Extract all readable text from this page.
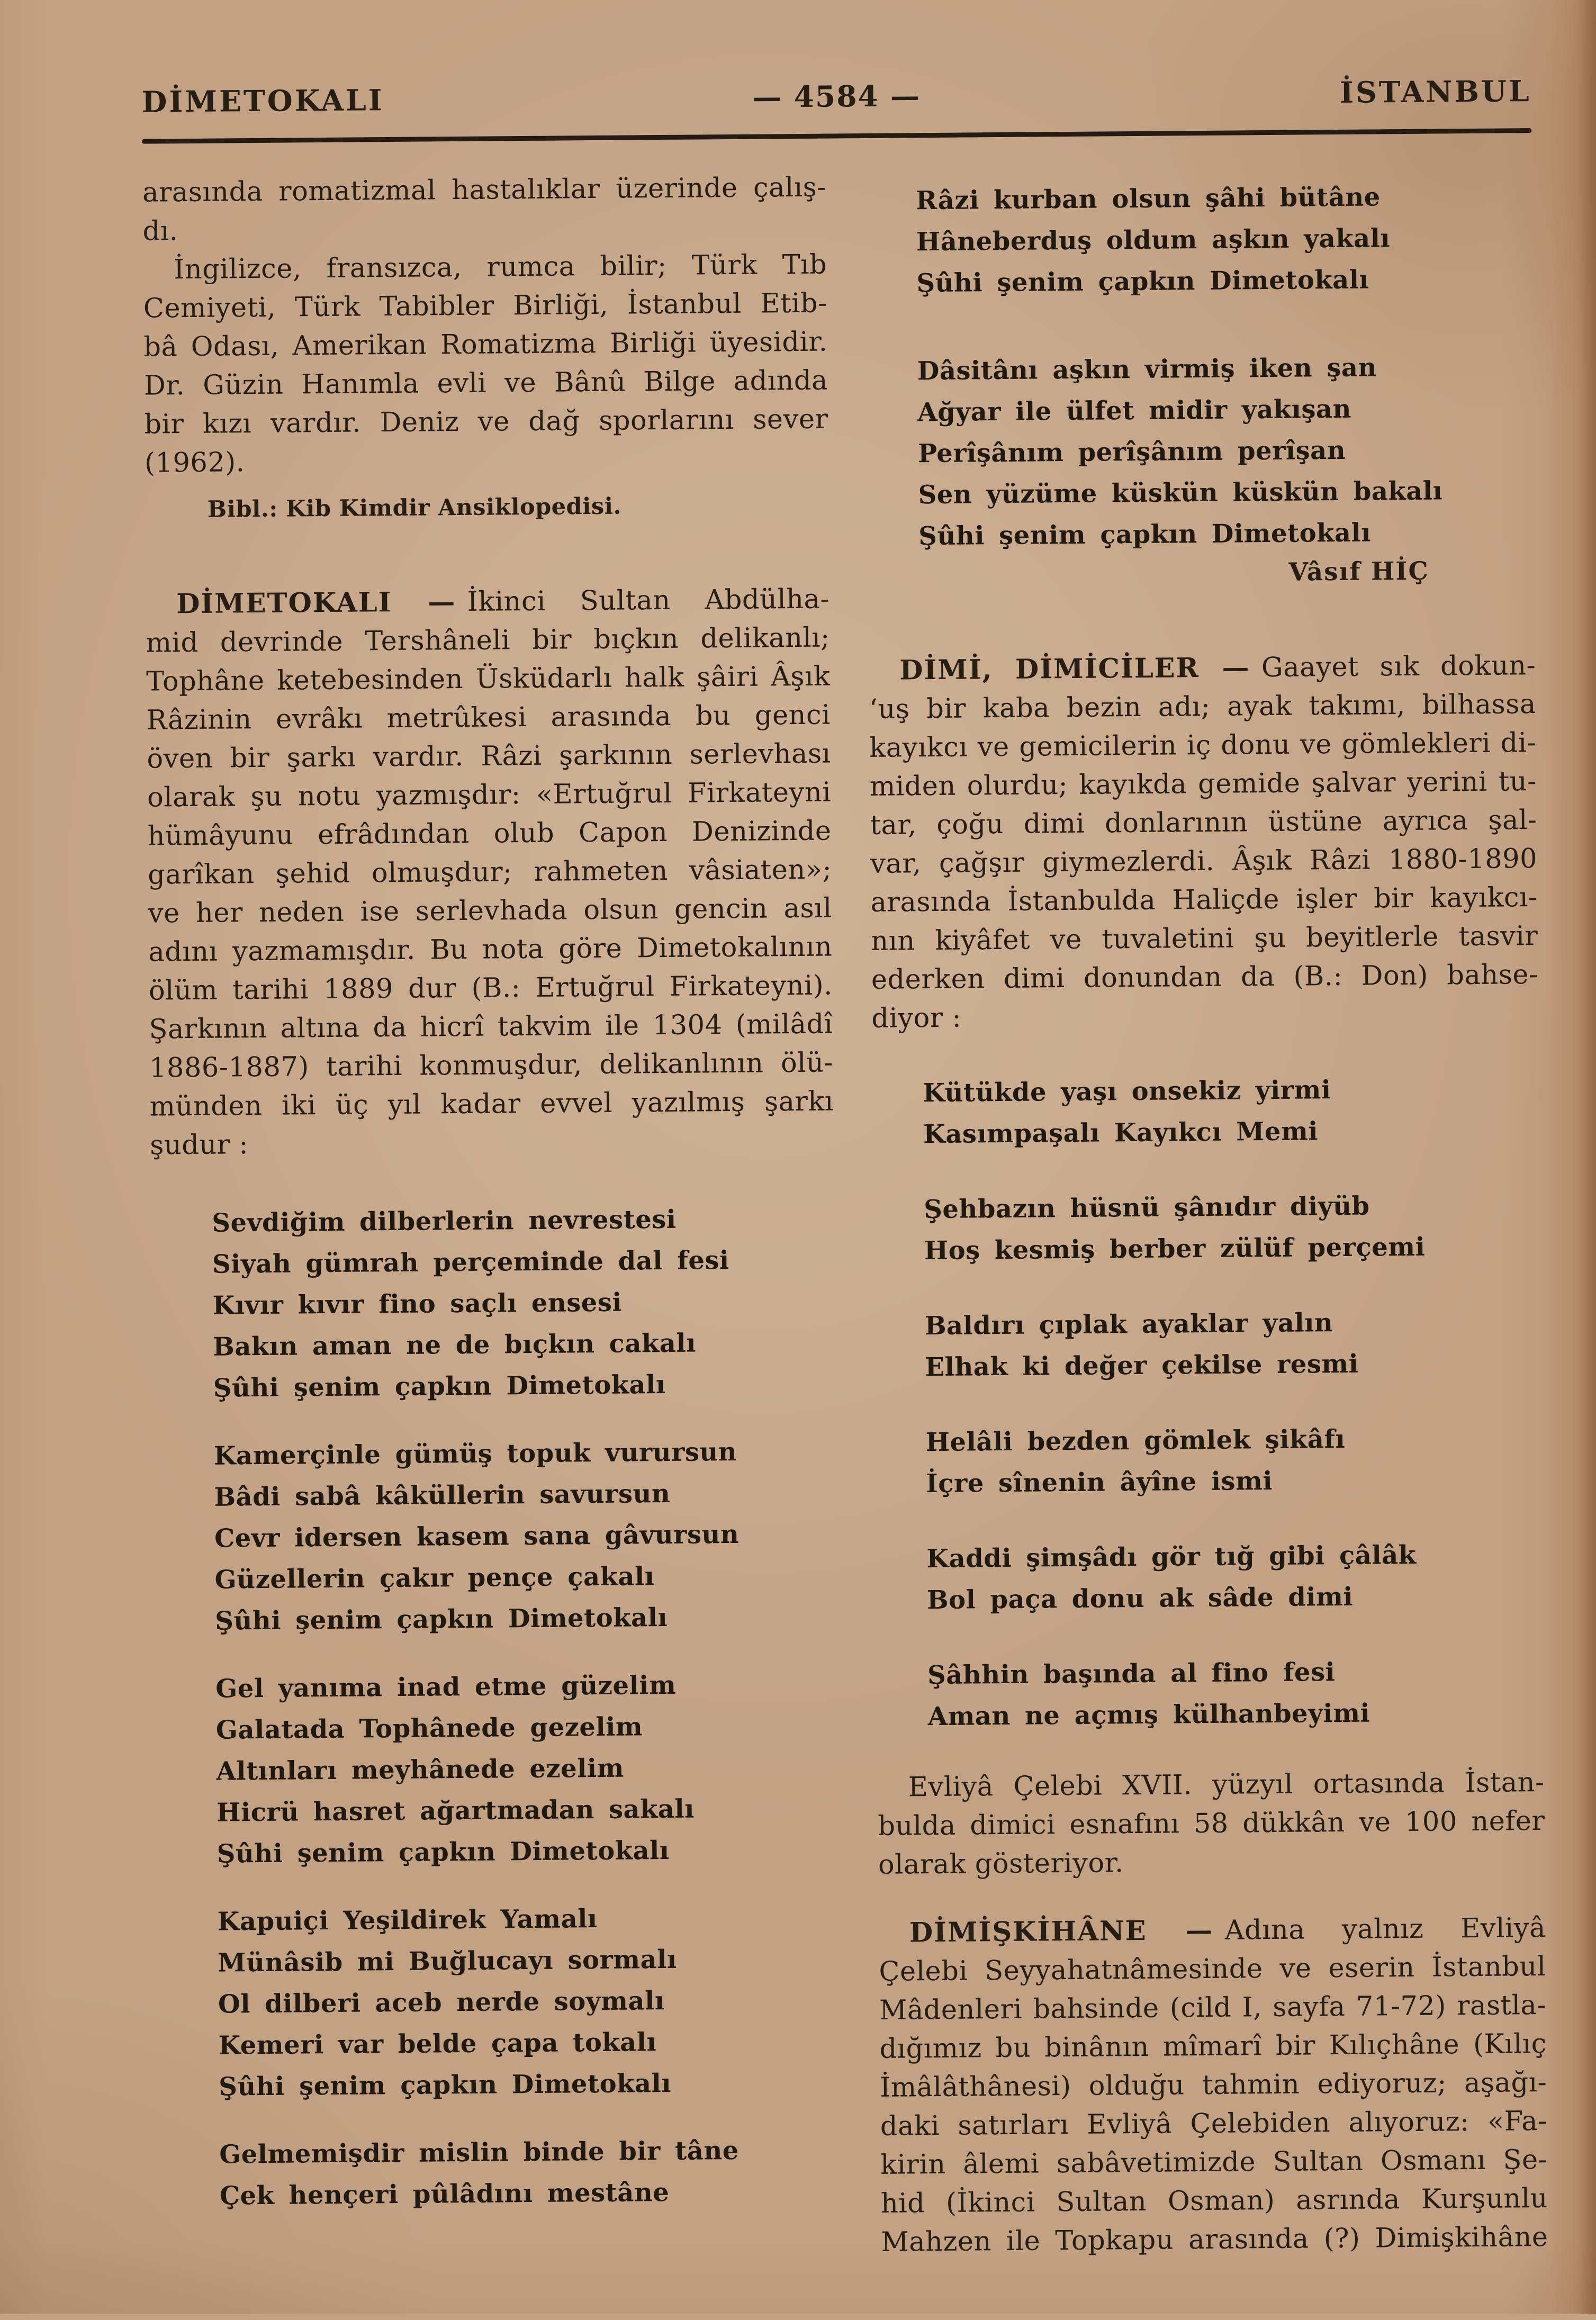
DİMETOKALI	— 4584 —	İSTANBUL
arasında romatizmal hastalıklar üzerinde çalış-
dı.
İngilizce, fransızca, rumca bilir; Türk Tıb
Cemiyeti, Türk Tabibler Birliği, İstanbul Etib-
bâ Odası, Amerikan Romatizma Birliği üyesidir.
Dr. Güzin Hanımla evli ve Bânû Bilge adında
bir kızı vardır. Deniz ve dağ sporlarını sever
(1962).
Bibl.: Kib Kimdir Ansiklopedisi.
DİMETOKALI — İkinci Sultan Abdülha-
mid devrinde Tershâneli bir bıçkın delikanlı;
Tophâne ketebesinden Üsküdarlı halk şâiri Âşık
Râzinin evrâkı metrûkesi arasında bu genci
öven bir şarkı vardır. Râzi şarkının serlevhası
olarak şu notu yazmışdır: «Ertuğrul Firkateyni
hümâyunu efrâdından olub Capon Denizinde
garîkan şehid olmuşdur; rahmeten vâsiaten»;
ve her neden ise serlevhada olsun gencin asıl
adını yazmamışdır. Bu nota göre Dimetokalının
ölüm tarihi 1889 dur (B.: Ertuğrul Firkateyni).
Şarkının altına da hicrî takvim ile 1304 (milâdî
1886-1887) tarihi konmuşdur, delikanlının ölü-
münden iki üç yıl kadar evvel yazılmış şarkı
şudur :
Sevdiğim dilberlerin nevrestesi
Siyah gümrah perçeminde dal fesi
Kıvır kıvır fino saçlı ensesi
Bakın aman ne de bıçkın cakalı
Şûhi şenim çapkın Dimetokalı
Kamerçinle gümüş topuk vurursun
Bâdi sabâ kâküllerin savursun
Cevr idersen kasem sana gâvursun
Güzellerin çakır pençe çakalı
Şûhi şenim çapkın Dimetokalı
Gel yanıma inad etme güzelim
Galatada Tophânede gezelim
Altınları meyhânede ezelim
Hicrü hasret ağartmadan sakalı
Şûhi şenim çapkın Dimetokalı
Kapuiçi Yeşildirek Yamalı
Münâsib mi Buğlucayı sormalı
Ol dilberi aceb nerde soymalı
Kemeri var belde çapa tokalı
Şûhi şenim çapkın Dimetokalı
Gelmemişdir mislin binde bir tâne
Çek hençeri pûlâdını mestâne
Râzi kurban olsun şâhi bütâne
Hâneberduş oldum aşkın yakalı
Şûhi şenim çapkın Dimetokalı
Dâsitânı aşkın virmiş iken şan
Ağyar ile ülfet midir yakışan
Perîşânım perîşânım perîşan
Sen yüzüme küskün küskün bakalı
Şûhi şenim çapkın Dimetokalı
Vâsıf HİÇ
DİMİ, DİMİCİLER — Gaayet sık dokun-
ʻuş bir kaba bezin adı; ayak takımı, bilhassa
kayıkcı ve gemicilerin iç donu ve gömlekleri di-
miden olurdu; kayıkda gemide şalvar yerini tu-
tar, çoğu dimi donlarının üstüne ayrıca şal-
var, çağşır giymezlerdi. Âşık Râzi 1880-1890
arasında İstanbulda Haliçde işler bir kayıkcı-
nın kiyâfet ve tuvaletini şu beyitlerle tasvir
ederken dimi donundan da (B.: Don) bahse-
diyor :
Kütükde yaşı onsekiz yirmi
Kasımpaşalı Kayıkcı Memi
Şehbazın hüsnü şânıdır diyüb
Hoş kesmiş berber zülüf perçemi
Baldırı çıplak ayaklar yalın
Elhak ki değer çekilse resmi
Helâli bezden gömlek şikâfı
İçre sînenin âyîne ismi
Kaddi şimşâdı gör tığ gibi çâlâk
Bol paça donu ak sâde dimi
Şâhhin başında al fino fesi
Aman ne açmış külhanbeyimi
Evliyâ Çelebi XVII. yüzyıl ortasında İstan-
bulda dimici esnafını 58 dükkân ve 100 nefer
olarak gösteriyor.
DİMİŞKİHÂNE — Adına yalnız Evliyâ
Çelebi Seyyahatnâmesinde ve eserin İstanbul
Mâdenleri bahsinde (cild I, sayfa 71-72) rastla-
dığımız bu binânın mîmarî bir Kılıçhâne (Kılıç
İmâlâthânesi) olduğu tahmin ediyoruz; aşağı-
daki satırları Evliyâ Çelebiden alıyoruz: «Fa-
kirin âlemi sabâvetimizde Sultan Osmanı Şe-
hid (İkinci Sultan Osman) asrında Kurşunlu
Mahzen ile Topkapu arasında (?) Dimişkihâne
